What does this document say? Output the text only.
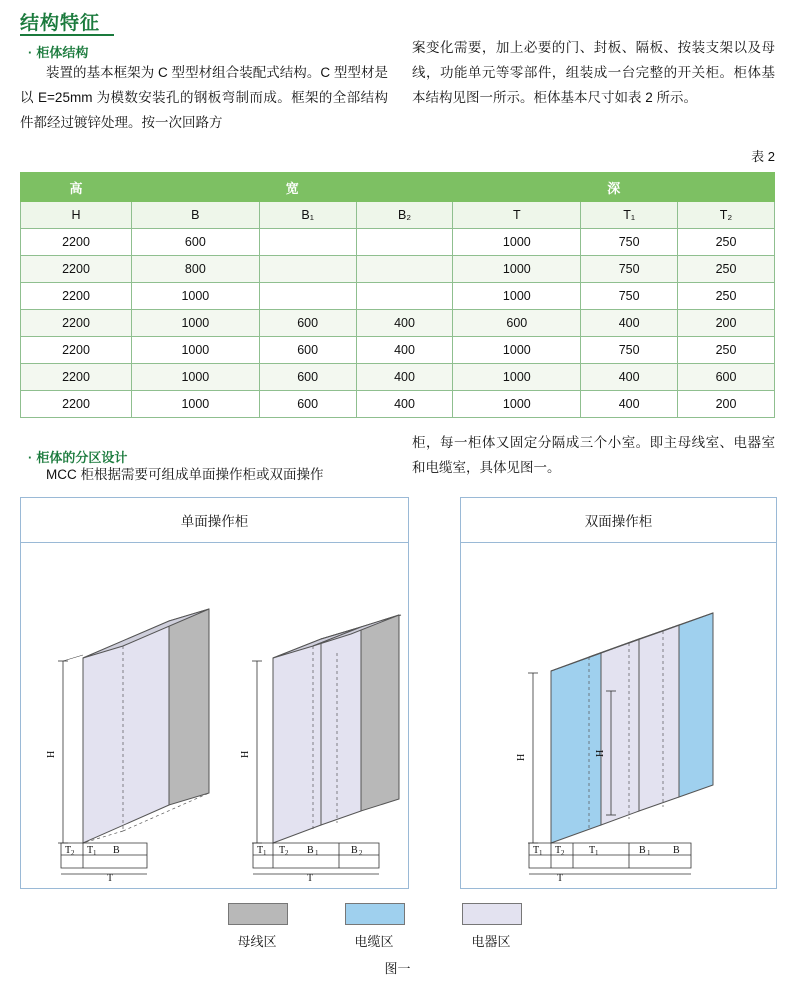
结构特征
· 柜体结构
装置的基本框架为 C 型型材组合装配式结构。C 型型材是以 E=25mm 为模数安装孔的钢板弯制而成。框架的全部结构件都经过镀锌处理。按一次回路方
案变化需要，加上必要的门、封板、隔板、按装支架以及母线，功能单元等零部件，组装成一台完整的开关柜。柜体基本结构见图一所示。柜体基本尺寸如表 2 所示。
表 2
高	宽			深		
H	B	B₁	B₂	T	T₁	T₂
2200	600			1000	750	250
2200	800			1000	750	250
2200	1000			1000	750	250
2200	1000	600	400	600	400	200
2200	1000	600	400	1000	750	250
2200	1000	600	400	1000	400	600
2200	1000	600	400	1000	400	200
· 柜体的分区设计
MCC 柜根据需要可组成单面操作柜或双面操作
柜，每一柜体又固定分隔成三个小室。即主母线室、电器室和电缆室，具体见图一。
单面操作柜
T 2 T 1 B
T
H
T 1 T 2 B 1	B 2
T
H
双面操作柜
T 1 T 2 T 1	B 1 B
T
H
H
母线区	电缆区	电器区
图一
